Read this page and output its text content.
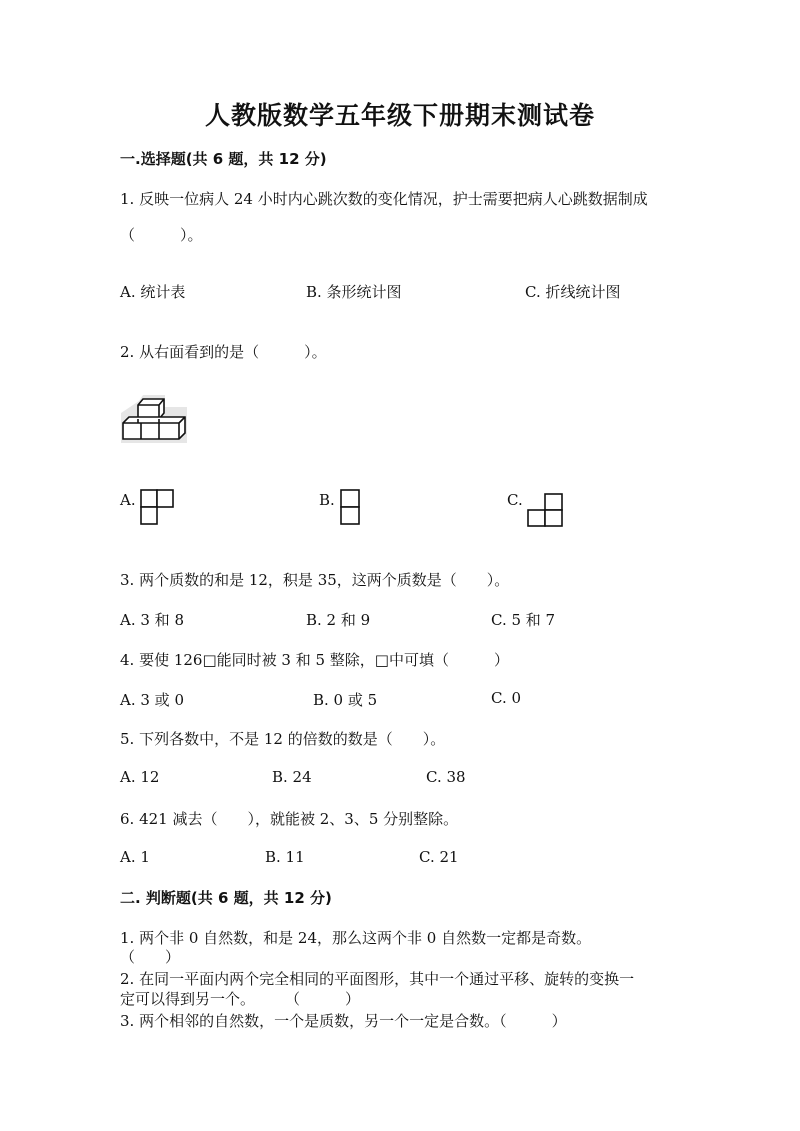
人教版数学五年级下册期末测试卷
一.选择题(共 6 题，共 12 分)
1. 反映一位病人 24 小时内心跳次数的变化情况，护士需要把病人心跳数据制成
（　　　）。
A. 统计表	B. 条形统计图	C. 折线统计图
2. 从右面看到的是（　　　）。
A.	B.	C.
3. 两个质数的和是 12，积是 35，这两个质数是（　　）。
A. 3 和 8	B. 2 和 9	C. 5 和 7
4. 要使 126□能同时被 3 和 5 整除，□中可填（　　　）
A. 3 或 0	B. 0 或 5	C. 0
5. 下列各数中，不是 12 的倍数的数是（　　）。
A. 12	B. 24	C. 38
6. 421 减去（　　），就能被 2、3、5 分别整除。
A. 1	B. 11	C. 21
二. 判断题(共 6 题，共 12 分)
1. 两个非 0 自然数，和是 24，那么这两个非 0 自然数一定都是奇数。
（　　）
2. 在同一平面内两个完全相同的平面图形，其中一个通过平移、旋转的变换一
定可以得到另一个。　　　（　　　）
3. 两个相邻的自然数，一个是质数，另一个一定是合数。（　　　）
